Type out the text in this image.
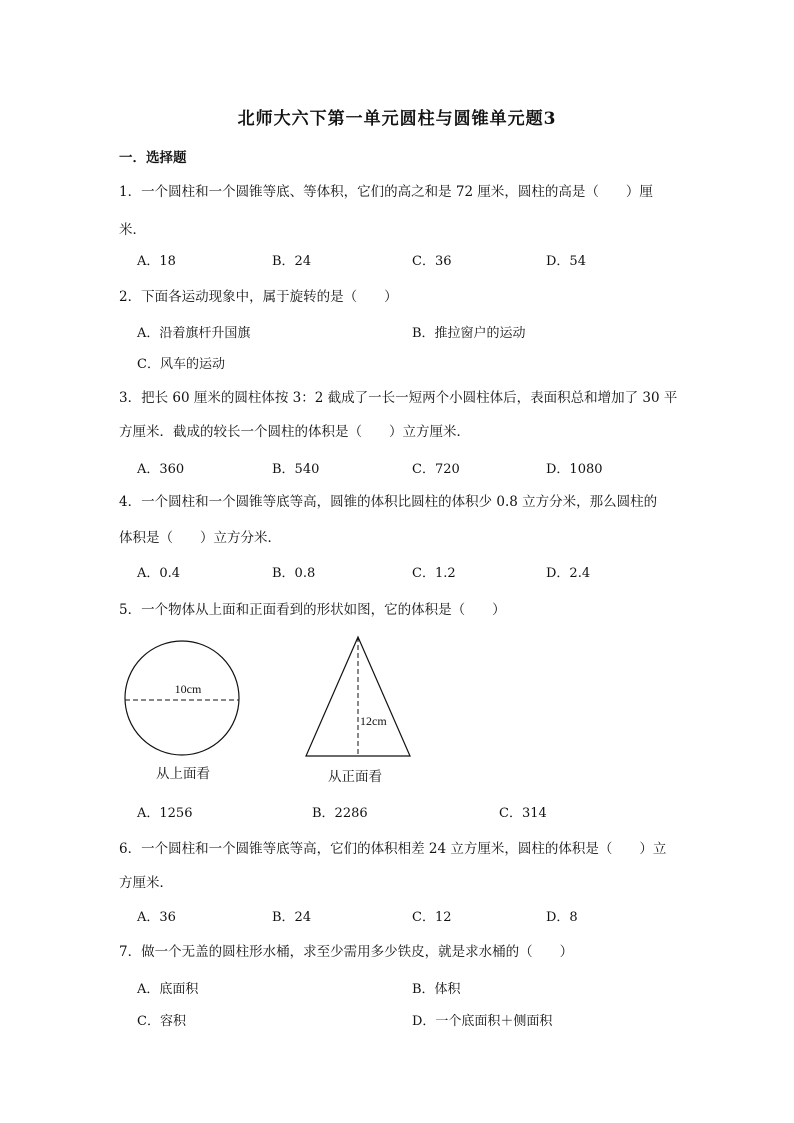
北师大六下第一单元圆柱与圆锥单元题3
一．选择题
1．一个圆柱和一个圆锥等底、等体积，它们的高之和是 72 厘米，圆柱的高是（　　）厘
米．
A．18	B．24	C．36	D．54
2．下面各运动现象中，属于旋转的是（　　）
A．沿着旗杆升国旗	B．推拉窗户的运动
C．风车的运动
3．把长 60 厘米的圆柱体按 3：2 截成了一长一短两个小圆柱体后，表面积总和增加了 30 平
方厘米．截成的较长一个圆柱的体积是（　　）立方厘米．
A．360	B．540	C．720	D．1080
4．一个圆柱和一个圆锥等底等高，圆锥的体积比圆柱的体积少 0.8 立方分米，那么圆柱的
体积是（　　）立方分米．
A．0.4	B．0.8	C．1.2	D．2.4
5．一个物体从上面和正面看到的形状如图，它的体积是（　　）
10cm
12cm
从上面看	从正面看
A．1256	B．2286	C．314
6．一个圆柱和一个圆锥等底等高，它们的体积相差 24 立方厘米，圆柱的体积是（　　）立
方厘米．
A．36	B．24	C．12	D．8
7．做一个无盖的圆柱形水桶，求至少需用多少铁皮，就是求水桶的（　　）
A．底面积	B．体积
C．容积	D．一个底面积＋侧面积
